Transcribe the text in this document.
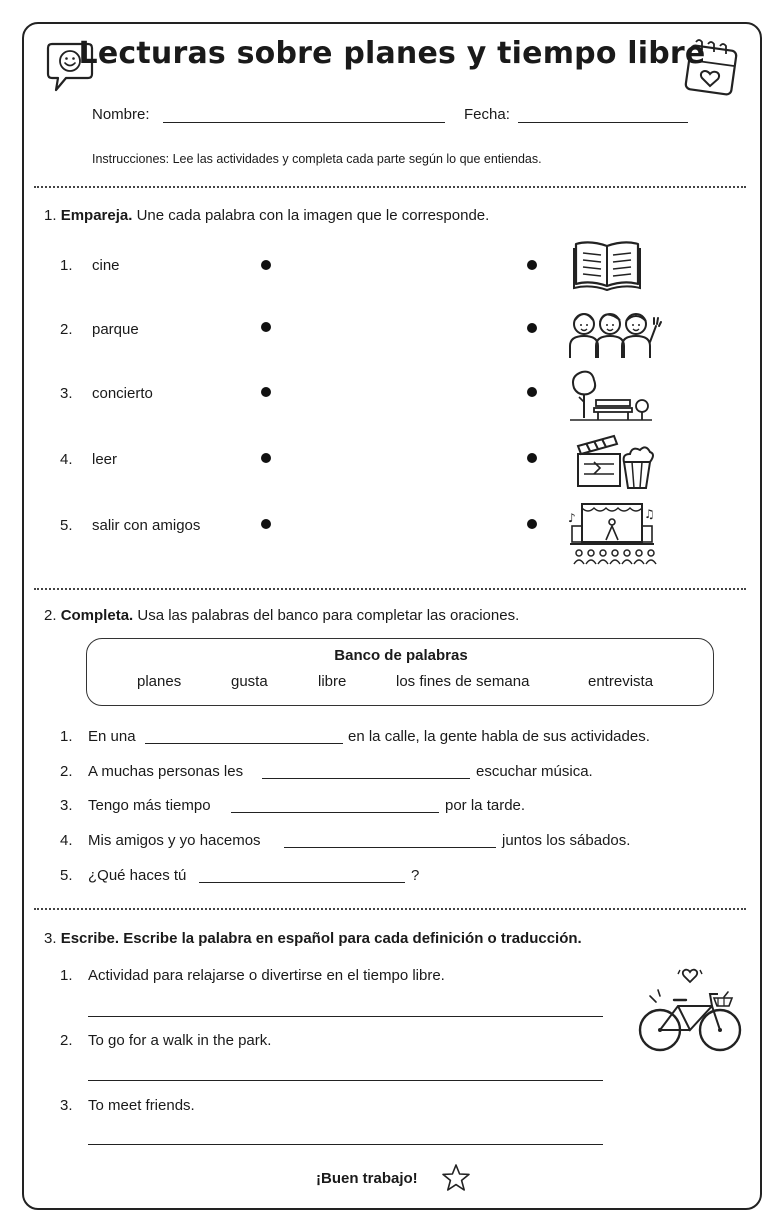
Lecturas sobre planes y tiempo libre
Nombre:	Fecha:
Instrucciones: Lee las actividades y completa cada parte según lo que entiendas.
1. Empareja. Une cada palabra con la imagen que le corresponde.
1. cine
2. parque
3. concierto
4. leer
5. salir con amigos	♪	♫
2. Completa. Usa las palabras del banco para completar las oraciones.
Banco de palabras
planes	gusta	libre	los fines de semana	entrevista
1. En una	en la calle, la gente habla de sus actividades.
2. A muchas personas les	escuchar música.
3. Tengo más tiempo	por la tarde.
4. Mis amigos y yo hacemos	juntos los sábados.
5. ¿Qué haces tú	?
3. Escribe. Escribe la palabra en español para cada definición o traducción.
1. Actividad para relajarse o divertirse en el tiempo libre.
2. To go for a walk in the park.
3. To meet friends.
¡Buen trabajo!
